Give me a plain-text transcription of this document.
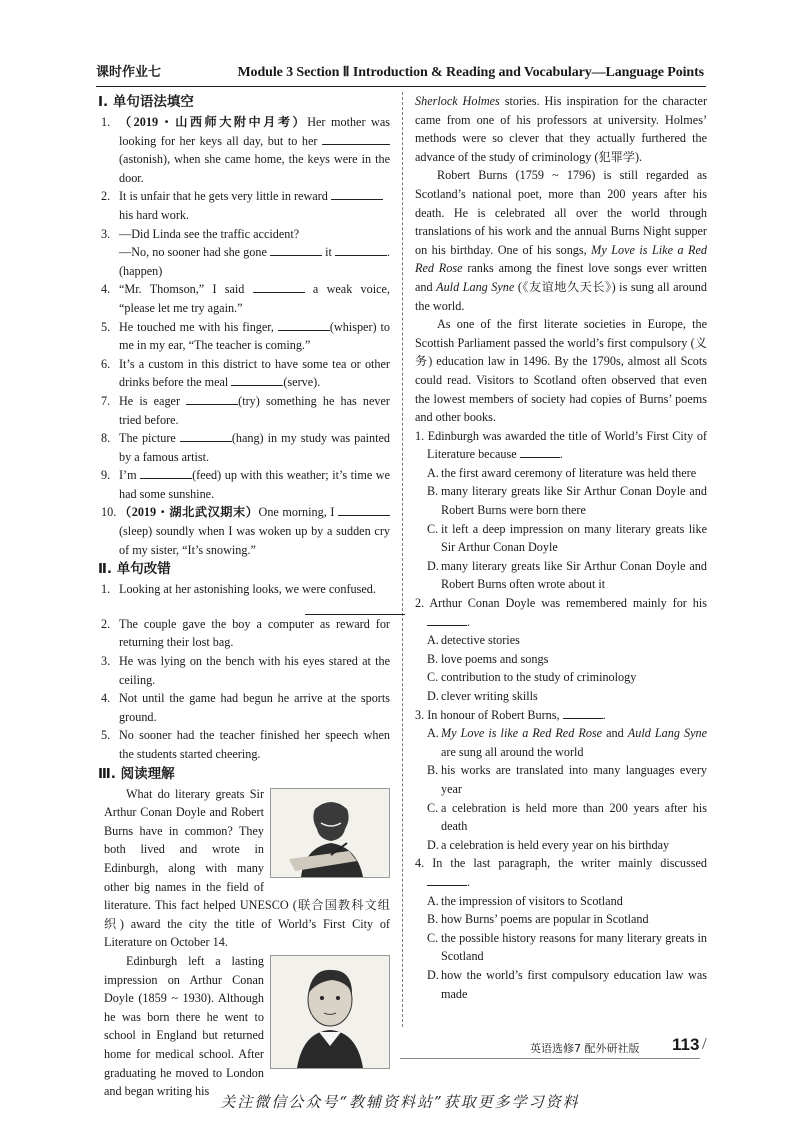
课时作业七	Module 3 Section Ⅱ Introduction & Reading and Vocabulary—Language Points
Ⅰ. 单句语法填空
1. （2019・山西师大附中月考）Her mother was looking for her keys all day, but to her (astonish), when she came home, the keys were in the door.
2. It is unfair that he gets very little in reward
his hard work.
3. —Did Linda see the traffic accident?
—No, no sooner had she gone	it	. (happen)
4. “Mr. Thomson,” I said	a weak voice, “please let me try again.”
5. He touched me with his finger,	(whisper) to me in my ear, “The teacher is coming.”
6. It’s a custom in this district to have some tea or other drinks before the meal	(serve).
7. He is eager	(try) something he has never tried before.
8. The picture	(hang) in my study was painted by a famous artist.
9. I’m	(feed) up with this weather; it’s time we had some sunshine.
10. （2019・湖北武汉期末）One morning, I (sleep) soundly when I was woken up by a sudden cry of my sister, “It’s snowing.”
Ⅱ. 单句改错
1. Looking at her astonishing looks, we were confused.
2. The couple gave the boy a computer as reward for returning their lost bag.
3. He was lying on the bench with his eyes stared at the ceiling.
4. Not until the game had begun he arrive at the sports ground.
5. No sooner had the teacher finished her speech when the students started cheering.
Ⅲ. 阅读理解
What do literary greats Sir Arthur Conan Doyle and Robert Burns have in common? They both lived and wrote in Edinburgh, along with many other big names in the field of literature. This fact helped UNESCO (联合国教科文组织) award the city the title of World’s First City of Literature on October 14.
Edinburgh left a lasting impression on Arthur Conan Doyle (1859 ~ 1930). Although he was born there he went to school in England but returned home for medical school. After graduating he moved to London and began writing his
Sherlock Holmes stories. His inspiration for the character came from one of his professors at university. Holmes’ methods were so clever that they actually furthered the advance of the study of criminology (犯罪学).
Robert Burns (1759 ~ 1796) is still regarded as Scotland’s national poet, more than 200 years after his death. He is celebrated all over the world through translations of his work and the annual Burns Night supper on his birthday. One of his songs, My Love is Like a Red Red Rose ranks among the finest love songs ever written and Auld Lang Syne (《友谊地久天长》) is sung all around the world.
As one of the first literate societies in Europe, the Scottish Parliament passed the world’s first compulsory (义务) education law in 1496. By the 1790s, almost all Scots could read. Visitors to Scotland often observed that even the lowest members of society had copies of Burns’ poems and other books.
1. Edinburgh was awarded the title of World’s First City of Literature because	.
A. the first award ceremony of literature was held there
B. many literary greats like Sir Arthur Conan Doyle and Robert Burns were born there
C. it left a deep impression on many literary greats like Sir Arthur Conan Doyle
D. many literary greats like Sir Arthur Conan Doyle and Robert Burns often wrote about it
2. Arthur Conan Doyle was remembered mainly for his .
A. detective stories
B. love poems and songs
C. contribution to the study of criminology
D. clever writing skills
3. In honour of Robert Burns,	.
A. My Love is like a Red Red Rose and Auld Lang Syne are sung all around the world
B. his works are translated into many languages every year
C. a celebration is held more than 200 years after his death
D. a celebration is held every year on his birthday
4. In the last paragraph, the writer mainly discussed .
A. the impression of visitors to Scotland
B. how Burns’ poems are popular in Scotland
C. the possible history reasons for many literary greats in Scotland
D. how the world’s first compulsory education law was made
英语选修7 配外研社版 113 /
关注微信公众号“教辅资料站”获取更多学习资料
